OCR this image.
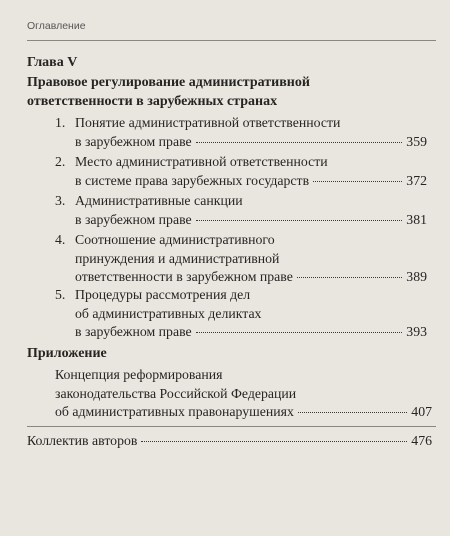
Оглавление
Глава V
Правовое регулирование административной
ответственности в зарубежных странах
1. Понятие административной ответственности
в зарубежном праве	359
2. Место административной ответственности
в системе права зарубежных государств	372
3. Административные санкции
в зарубежном праве	381
4. Соотношение административного
принуждения и административной
ответственности в зарубежном праве	389
5. Процедуры рассмотрения дел
об административных деликтах
в зарубежном праве	393
Приложение
Концепция реформирования
законодательства Российской Федерации
об административных правонарушениях	407
Коллектив авторов	476
